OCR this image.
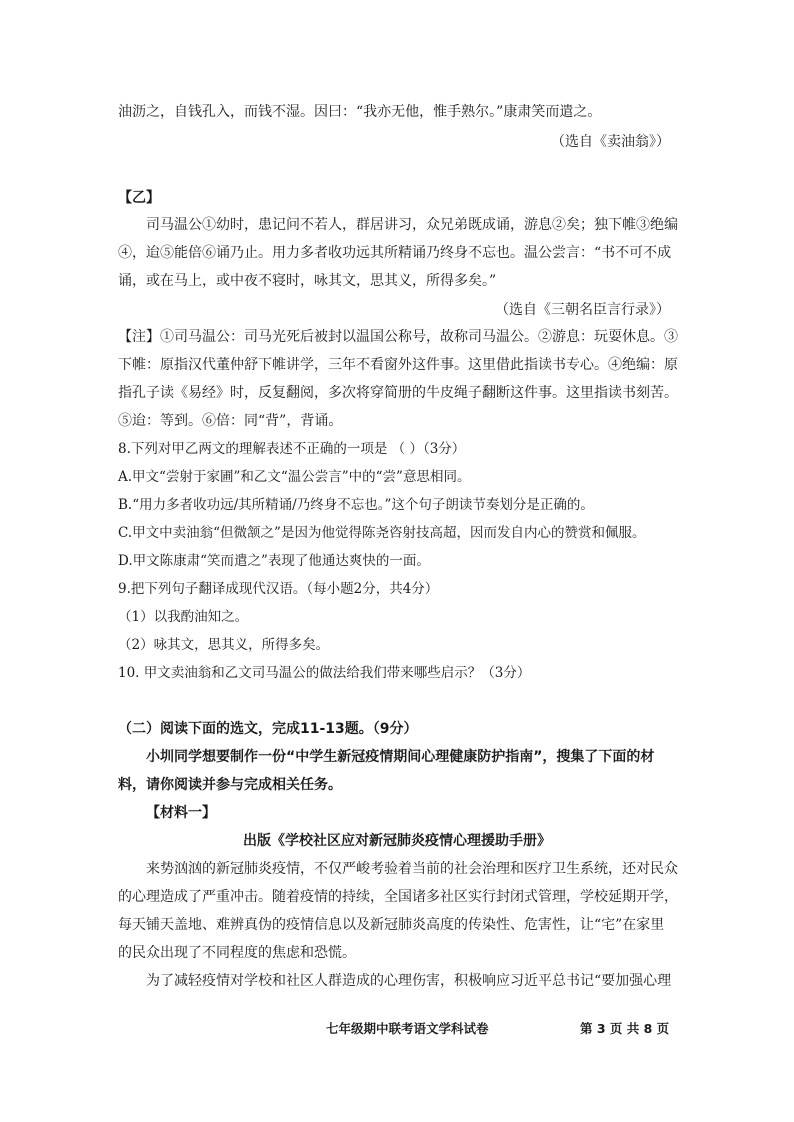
油沥之，自钱孔入，而钱不湿。因曰：“我亦无他，惟手熟尔。”康肃笑而遣之。
（选自《卖油翁》）
【乙】
司马温公①幼时，患记问不若人，群居讲习，众兄弟既成诵，游息②矣；独下帷③绝编
④，迨⑤能倍⑥诵乃止。用力多者收功远其所精诵乃终身不忘也。温公尝言：“书不可不成
诵，或在马上，或中夜不寝时，咏其文，思其义，所得多矣。”
（选自《三朝名臣言行录》）
【注】①司马温公：司马光死后被封以温国公称号，故称司马温公。②游息：玩耍休息。③
下帷：原指汉代董仲舒下帷讲学，三年不看窗外这件事。这里借此指读书专心。④绝编：原
指孔子读《易经》时，反复翻阅，多次将穿简册的牛皮绳子翻断这件事。这里指读书刻苦。
⑤迨：等到。⑥倍：同“背”，背诵。
8.下列对甲乙两文的理解表述不正确的一项是 （ ）（3分）
A.甲文“尝射于家圃”和乙文“温公尝言”中的“尝”意思相同。
B.“用力多者收功远/其所精诵/乃终身不忘也。”这个句子朗读节奏划分是正确的。
C.甲文中卖油翁“但微颔之”是因为他觉得陈尧咨射技高超，因而发自内心的赞赏和佩服。
D.甲文陈康肃“笑而遣之”表现了他通达爽快的一面。
9.把下列句子翻译成现代汉语。（每小题2分，共4分）
（1）以我酌油知之。
（2）咏其文，思其义，所得多矣。
10. 甲文卖油翁和乙文司马温公的做法给我们带来哪些启示？（3分）
（二）阅读下面的选文，完成11-13题。（9分）
小圳同学想要制作一份“中学生新冠疫情期间心理健康防护指南”，搜集了下面的材
料，请你阅读并参与完成相关任务。
【材料一】
出版《学校社区应对新冠肺炎疫情心理援助手册》
来势汹汹的新冠肺炎疫情，不仅严峻考验着当前的社会治理和医疗卫生系统，还对民众
的心理造成了严重冲击。随着疫情的持续，全国诸多社区实行封闭式管理，学校延期开学，
每天铺天盖地、难辨真伪的疫情信息以及新冠肺炎高度的传染性、危害性，让“宅”在家里
的民众出现了不同程度的焦虑和恐慌。
为了减轻疫情对学校和社区人群造成的心理伤害，积极响应习近平总书记“要加强心理
七年级期中联考语文学科试卷	第 3 页 共 8 页
